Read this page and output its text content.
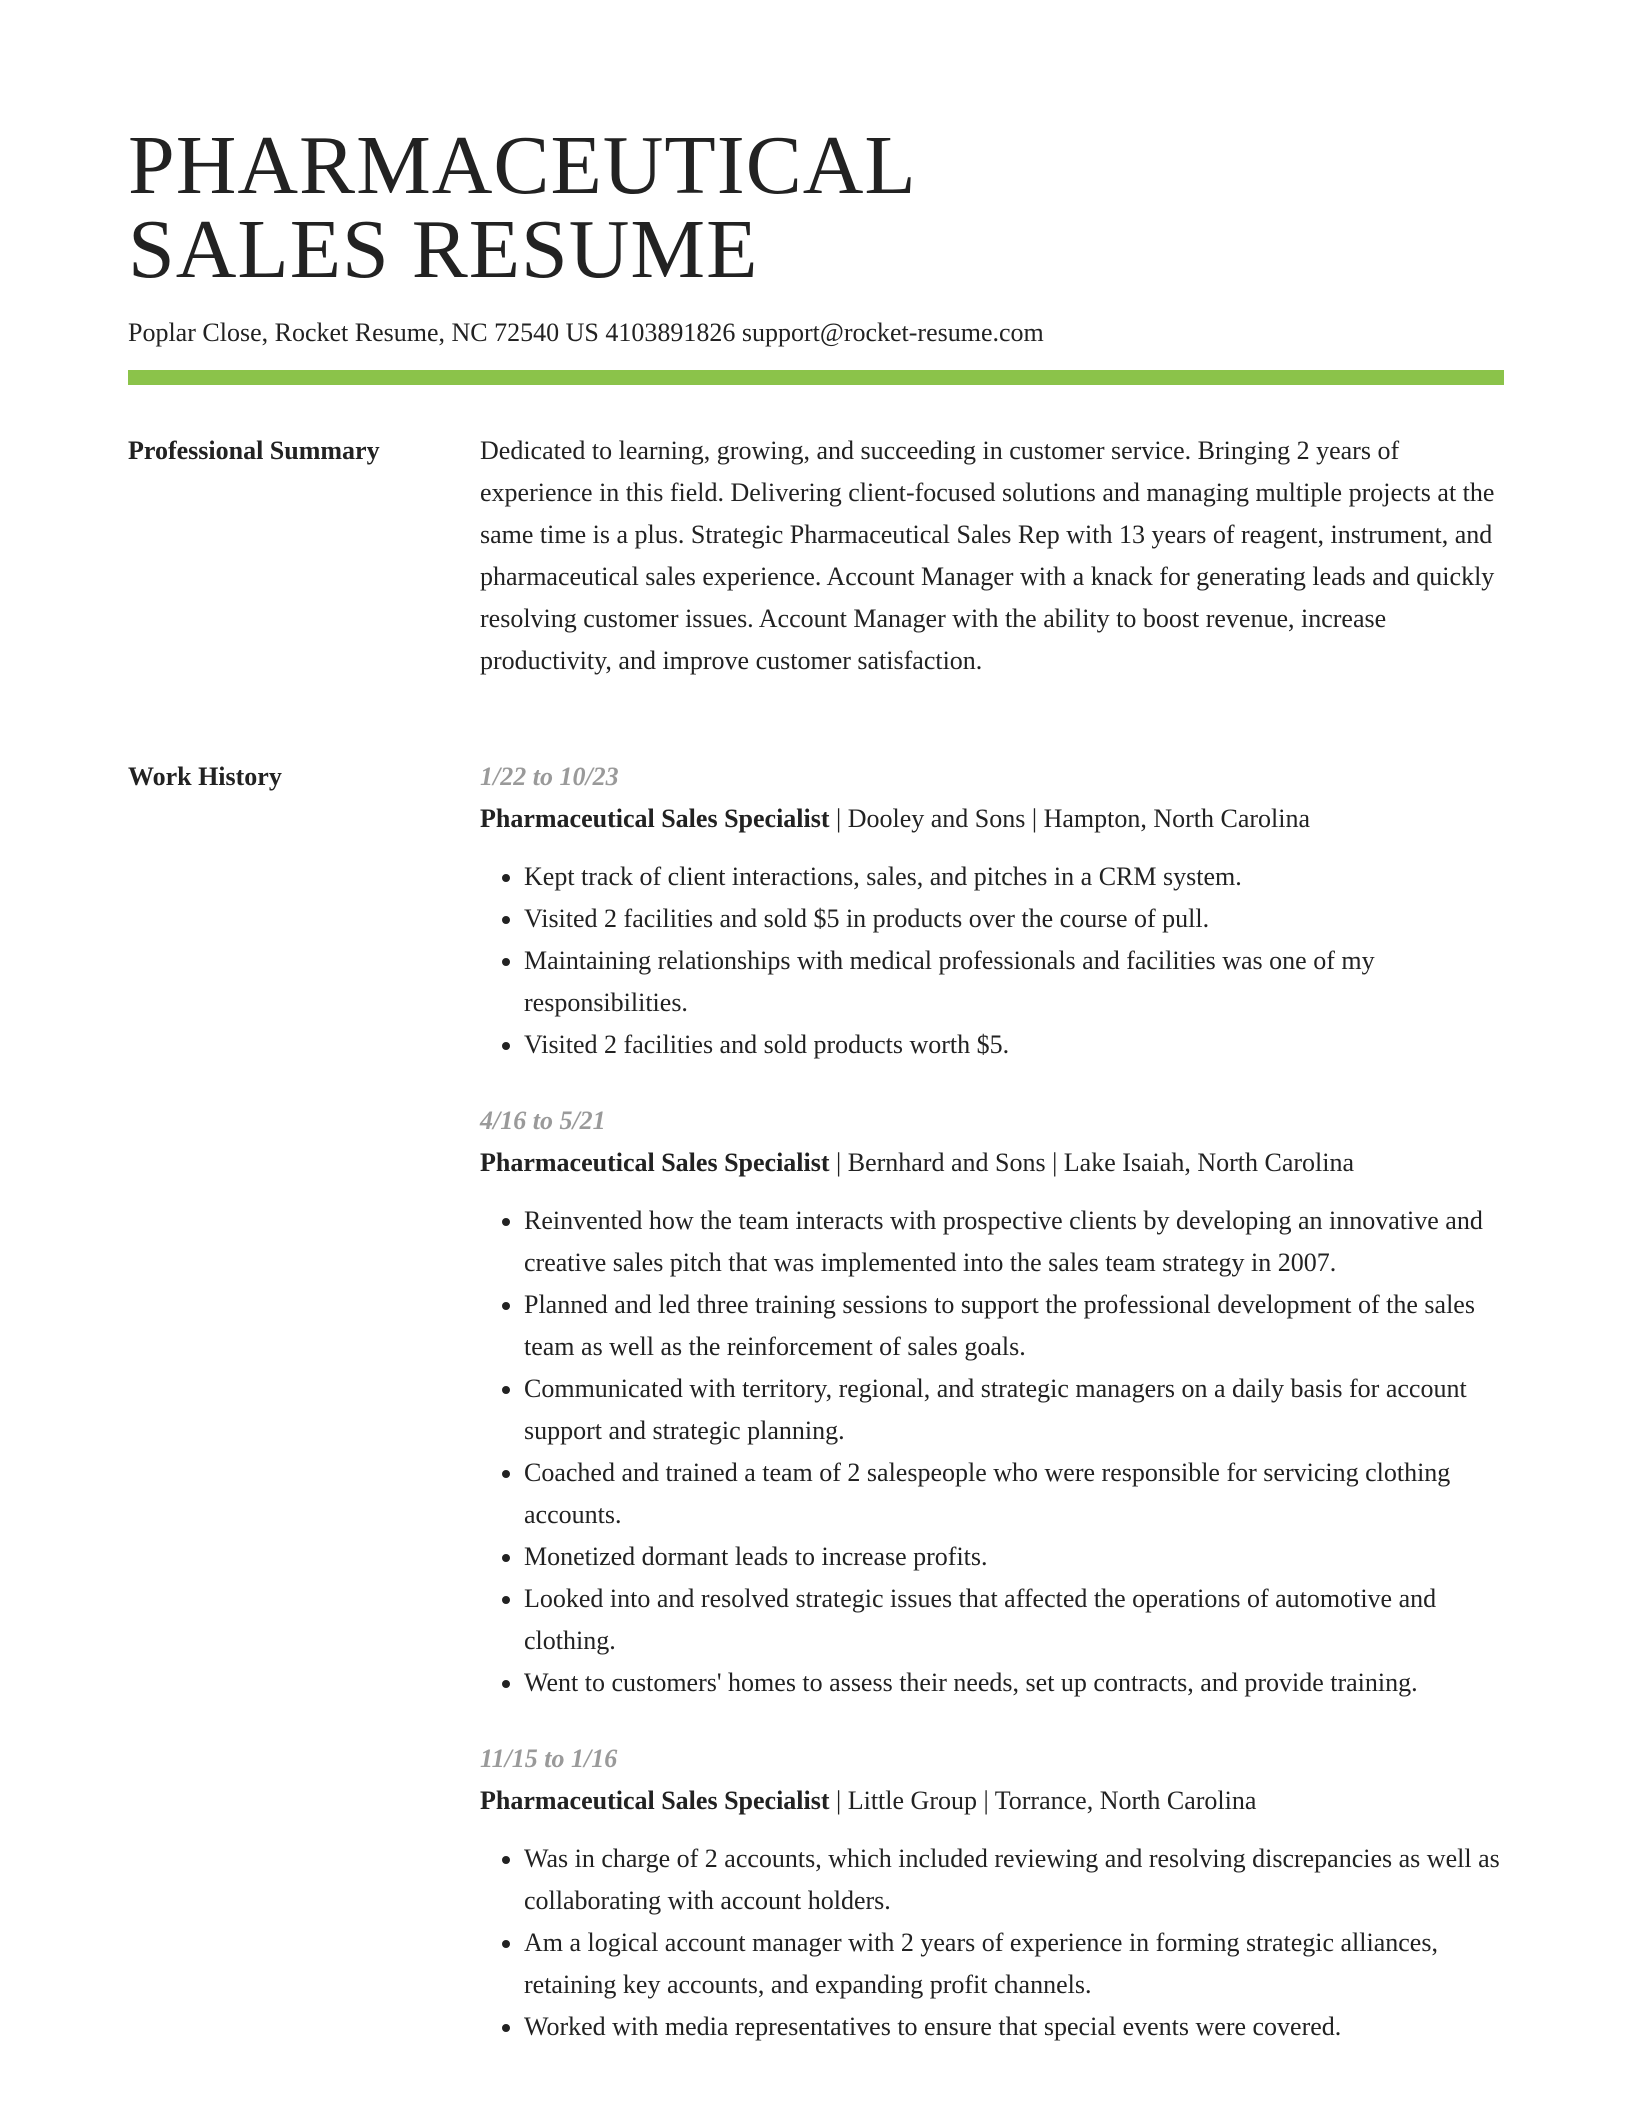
PHARMACEUTICAL
SALES RESUME
Poplar Close, Rocket Resume, NC 72540 US 4103891826 support@rocket-resume.com
Professional Summary	Dedicated to learning, growing, and succeeding in customer service. Bringing 2 years of experience in this field. Delivering client-focused solutions and managing multiple projects at the same time is a plus. Strategic Pharmaceutical Sales Rep with 13 years of reagent, instrument, and pharmaceutical sales experience. Account Manager with a knack for generating leads and quickly resolving customer issues. Account Manager with the ability to boost revenue, increase productivity, and improve customer satisfaction.

Work History	1/22 to 10/23

Pharmaceutical Sales Specialist | Dooley and Sons | Hampton, North Carolina

• Kept track of client interactions, sales, and pitches in a CRM system.
• Visited 2 facilities and sold $5 in products over the course of pull.
• Maintaining relationships with medical professionals and facilities was one of my responsibilities.
• Visited 2 facilities and sold products worth $5.

4/16 to 5/21

Pharmaceutical Sales Specialist | Bernhard and Sons | Lake Isaiah, North Carolina

• Reinvented how the team interacts with prospective clients by developing an innovative and creative sales pitch that was implemented into the sales team strategy in 2007.
• Planned and led three training sessions to support the professional development of the sales team as well as the reinforcement of sales goals.
• Communicated with territory, regional, and strategic managers on a daily basis for account support and strategic planning.
• Coached and trained a team of 2 salespeople who were responsible for servicing clothing accounts.
• Monetized dormant leads to increase profits.
• Looked into and resolved strategic issues that affected the operations of automotive and clothing.
• Went to customers' homes to assess their needs, set up contracts, and provide training.

11/15 to 1/16

Pharmaceutical Sales Specialist | Little Group | Torrance, North Carolina

• Was in charge of 2 accounts, which included reviewing and resolving discrepancies as well as collaborating with account holders.
• Am a logical account manager with 2 years of experience in forming strategic alliances, retaining key accounts, and expanding profit channels.
• Worked with media representatives to ensure that special events were covered.
